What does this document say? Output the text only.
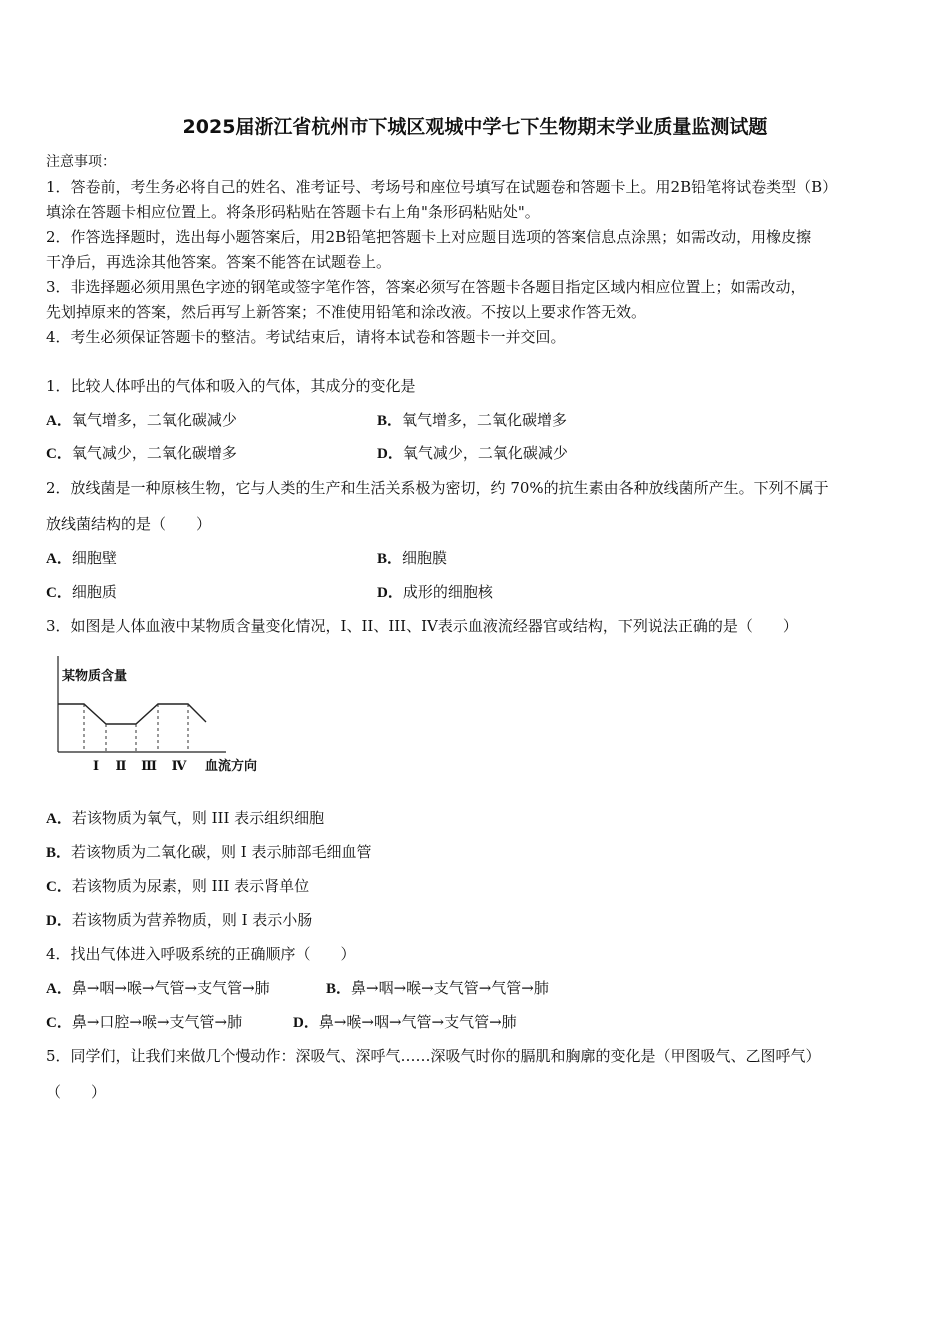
2025届浙江省杭州市下城区观城中学七下生物期末学业质量监测试题
注意事项：
1．答卷前，考生务必将自己的姓名、准考证号、考场号和座位号填写在试题卷和答题卡上。用2B铅笔将试卷类型（B）
填涂在答题卡相应位置上。将条形码粘贴在答题卡右上角"条形码粘贴处"。
2．作答选择题时，选出每小题答案后，用2B铅笔把答题卡上对应题目选项的答案信息点涂黑；如需改动，用橡皮擦
干净后，再选涂其他答案。答案不能答在试题卷上。
3．非选择题必须用黑色字迹的钢笔或签字笔作答，答案必须写在答题卡各题目指定区域内相应位置上；如需改动，
先划掉原来的答案，然后再写上新答案；不准使用铅笔和涂改液。不按以上要求作答无效。
4．考生必须保证答题卡的整洁。考试结束后，请将本试卷和答题卡一并交回。
1．比较人体呼出的气体和吸入的气体，其成分的变化是
A．氧气增多，二氧化碳减少	B．氧气增多，二氧化碳增多
C．氧气减少，二氧化碳增多	D．氧气减少，二氧化碳减少
2．放线菌是一种原核生物，它与人类的生产和生活关系极为密切，约 70%的抗生素由各种放线菌所产生。下列不属于
放线菌结构的是（　　）
A．细胞壁	B．细胞膜
C．细胞质	D．成形的细胞核
3．如图是人体血液中某物质含量变化情况，I、II、III、IV表示血液流经器官或结构，下列说法正确的是（　　）
某物质含量
Ⅰ Ⅱ Ⅲ Ⅳ 血流方向
A．若该物质为氧气，则 III 表示组织细胞
B．若该物质为二氧化碳，则 I 表示肺部毛细血管
C．若该物质为尿素，则 III 表示肾单位
D．若该物质为营养物质，则 I 表示小肠
4．找出气体进入呼吸系统的正确顺序（　　）
A．鼻→咽→喉→气管→支气管→肺	B．鼻→咽→喉→支气管→气管→肺
C．鼻→口腔→喉→支气管→肺	D．鼻→喉→咽→气管→支气管→肺
5．同学们，让我们来做几个慢动作：深吸气、深呼气……深吸气时你的膈肌和胸廓的变化是（甲图吸气、乙图呼气）
（　　）
